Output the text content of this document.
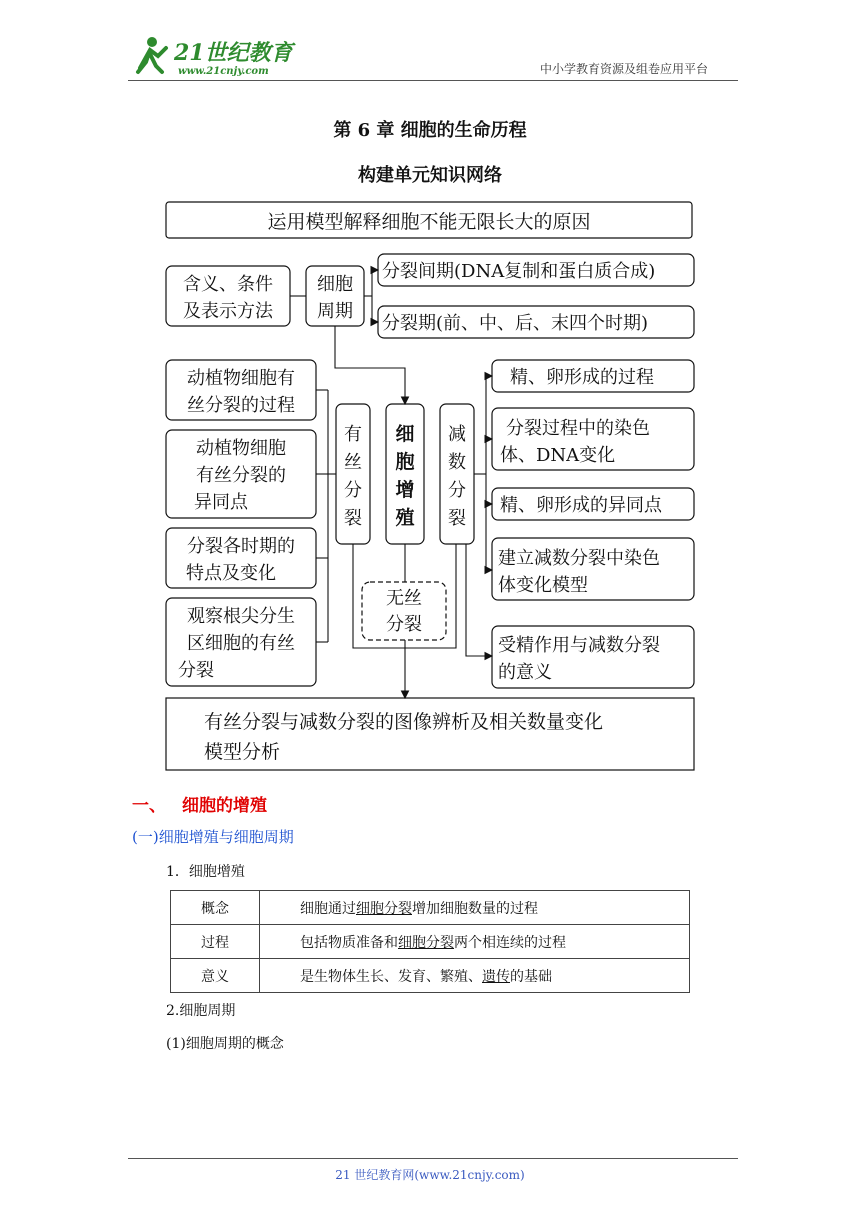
21世纪教育
www.21cnjy.com	中小学教育资源及组卷应用平台
第 6 章 细胞的生命历程
构建单元知识网络
运用模型解释细胞不能无限长大的原因
含义、条件
及表示方法
细胞
周期
分裂间期(DNA复制和蛋白质合成)
分裂期(前、中、后、末四个时期)
动植物细胞有
丝分裂的过程
动植物细胞
有丝分裂的
异同点
分裂各时期的
特点及变化
观察根尖分生
区细胞的有丝
分裂
有
丝
分
裂
细
胞
增
殖
减
数
分
裂
无丝
分裂
精、卵形成的过程
分裂过程中的染色
体、DNA变化
精、卵形成的异同点
建立减数分裂中染色
体变化模型
受精作用与减数分裂
的意义
有丝分裂与减数分裂的图像辨析及相关数量变化
模型分析
一、 细胞的增殖
(一)细胞增殖与细胞周期
1．细胞增殖
概念	细胞通过细胞分裂增加细胞数量的过程
过程	包括物质准备和细胞分裂两个相连续的过程
意义	是生物体生长、发育、繁殖、遗传的基础
2.细胞周期
(1)细胞周期的概念
21 世纪教育网(www.21cnjy.com)
